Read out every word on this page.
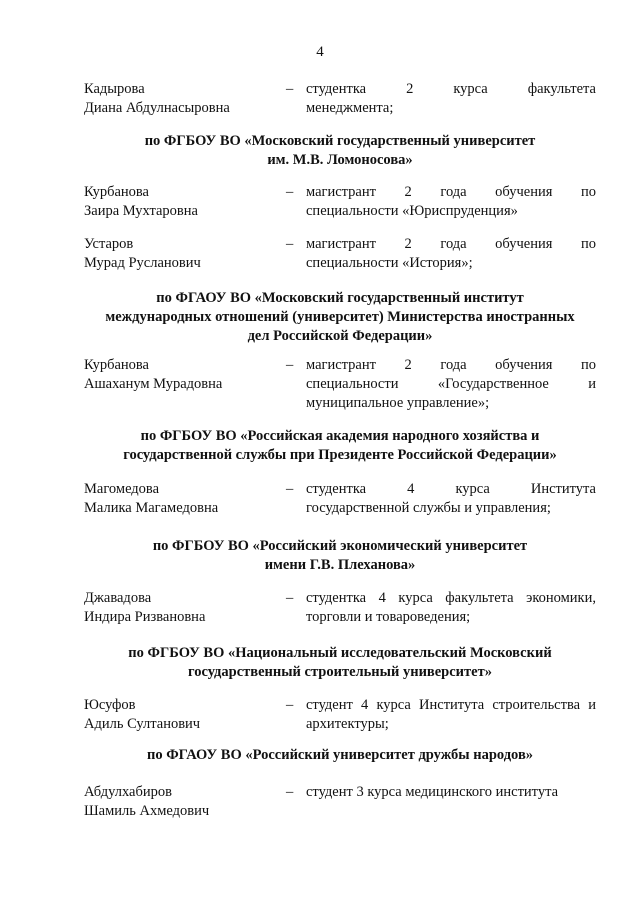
4
Кадырова
Диана Абдулнасыровна
– студентка 2 курса факультета
менеджмента;
по ФГБОУ ВО «Московский государственный университет
им. М.В. Ломоносова»
Курбанова
Заира Мухтаровна
– магистрант 2 года обучения по
специальности «Юриспруденция»
Устаров
Мурад Русланович
– магистрант 2 года обучения по
специальности «История»;
по ФГАОУ ВО «Московский государственный институт
международных отношений (университет) Министерства иностранных
дел Российской Федерации»
Курбанова
Ашаханум Мурадовна
– магистрант 2 года обучения по
специальности «Государственное и
муниципальное управление»;
по ФГБОУ ВО «Российская академия народного хозяйства и
государственной службы при Президенте Российской Федерации»
Магомедова
Малика Магамедовна
– студентка 4 курса Института
государственной службы и управления;
по ФГБОУ ВО «Российский экономический университет
имени Г.В. Плеханова»
Джавадова
Индира Ризвановна
– студентка 4 курса факультета экономики,
торговли и товароведения;
по ФГБОУ ВО «Национальный исследовательский Московский
государственный строительный университет»
Юсуфов
Адиль Султанович
– студент 4 курса Института строительства и
архитектуры;
по ФГАОУ ВО «Российский университет дружбы народов»
Абдулхабиров
Шамиль Ахмедович
– студент 3 курса медицинского института
